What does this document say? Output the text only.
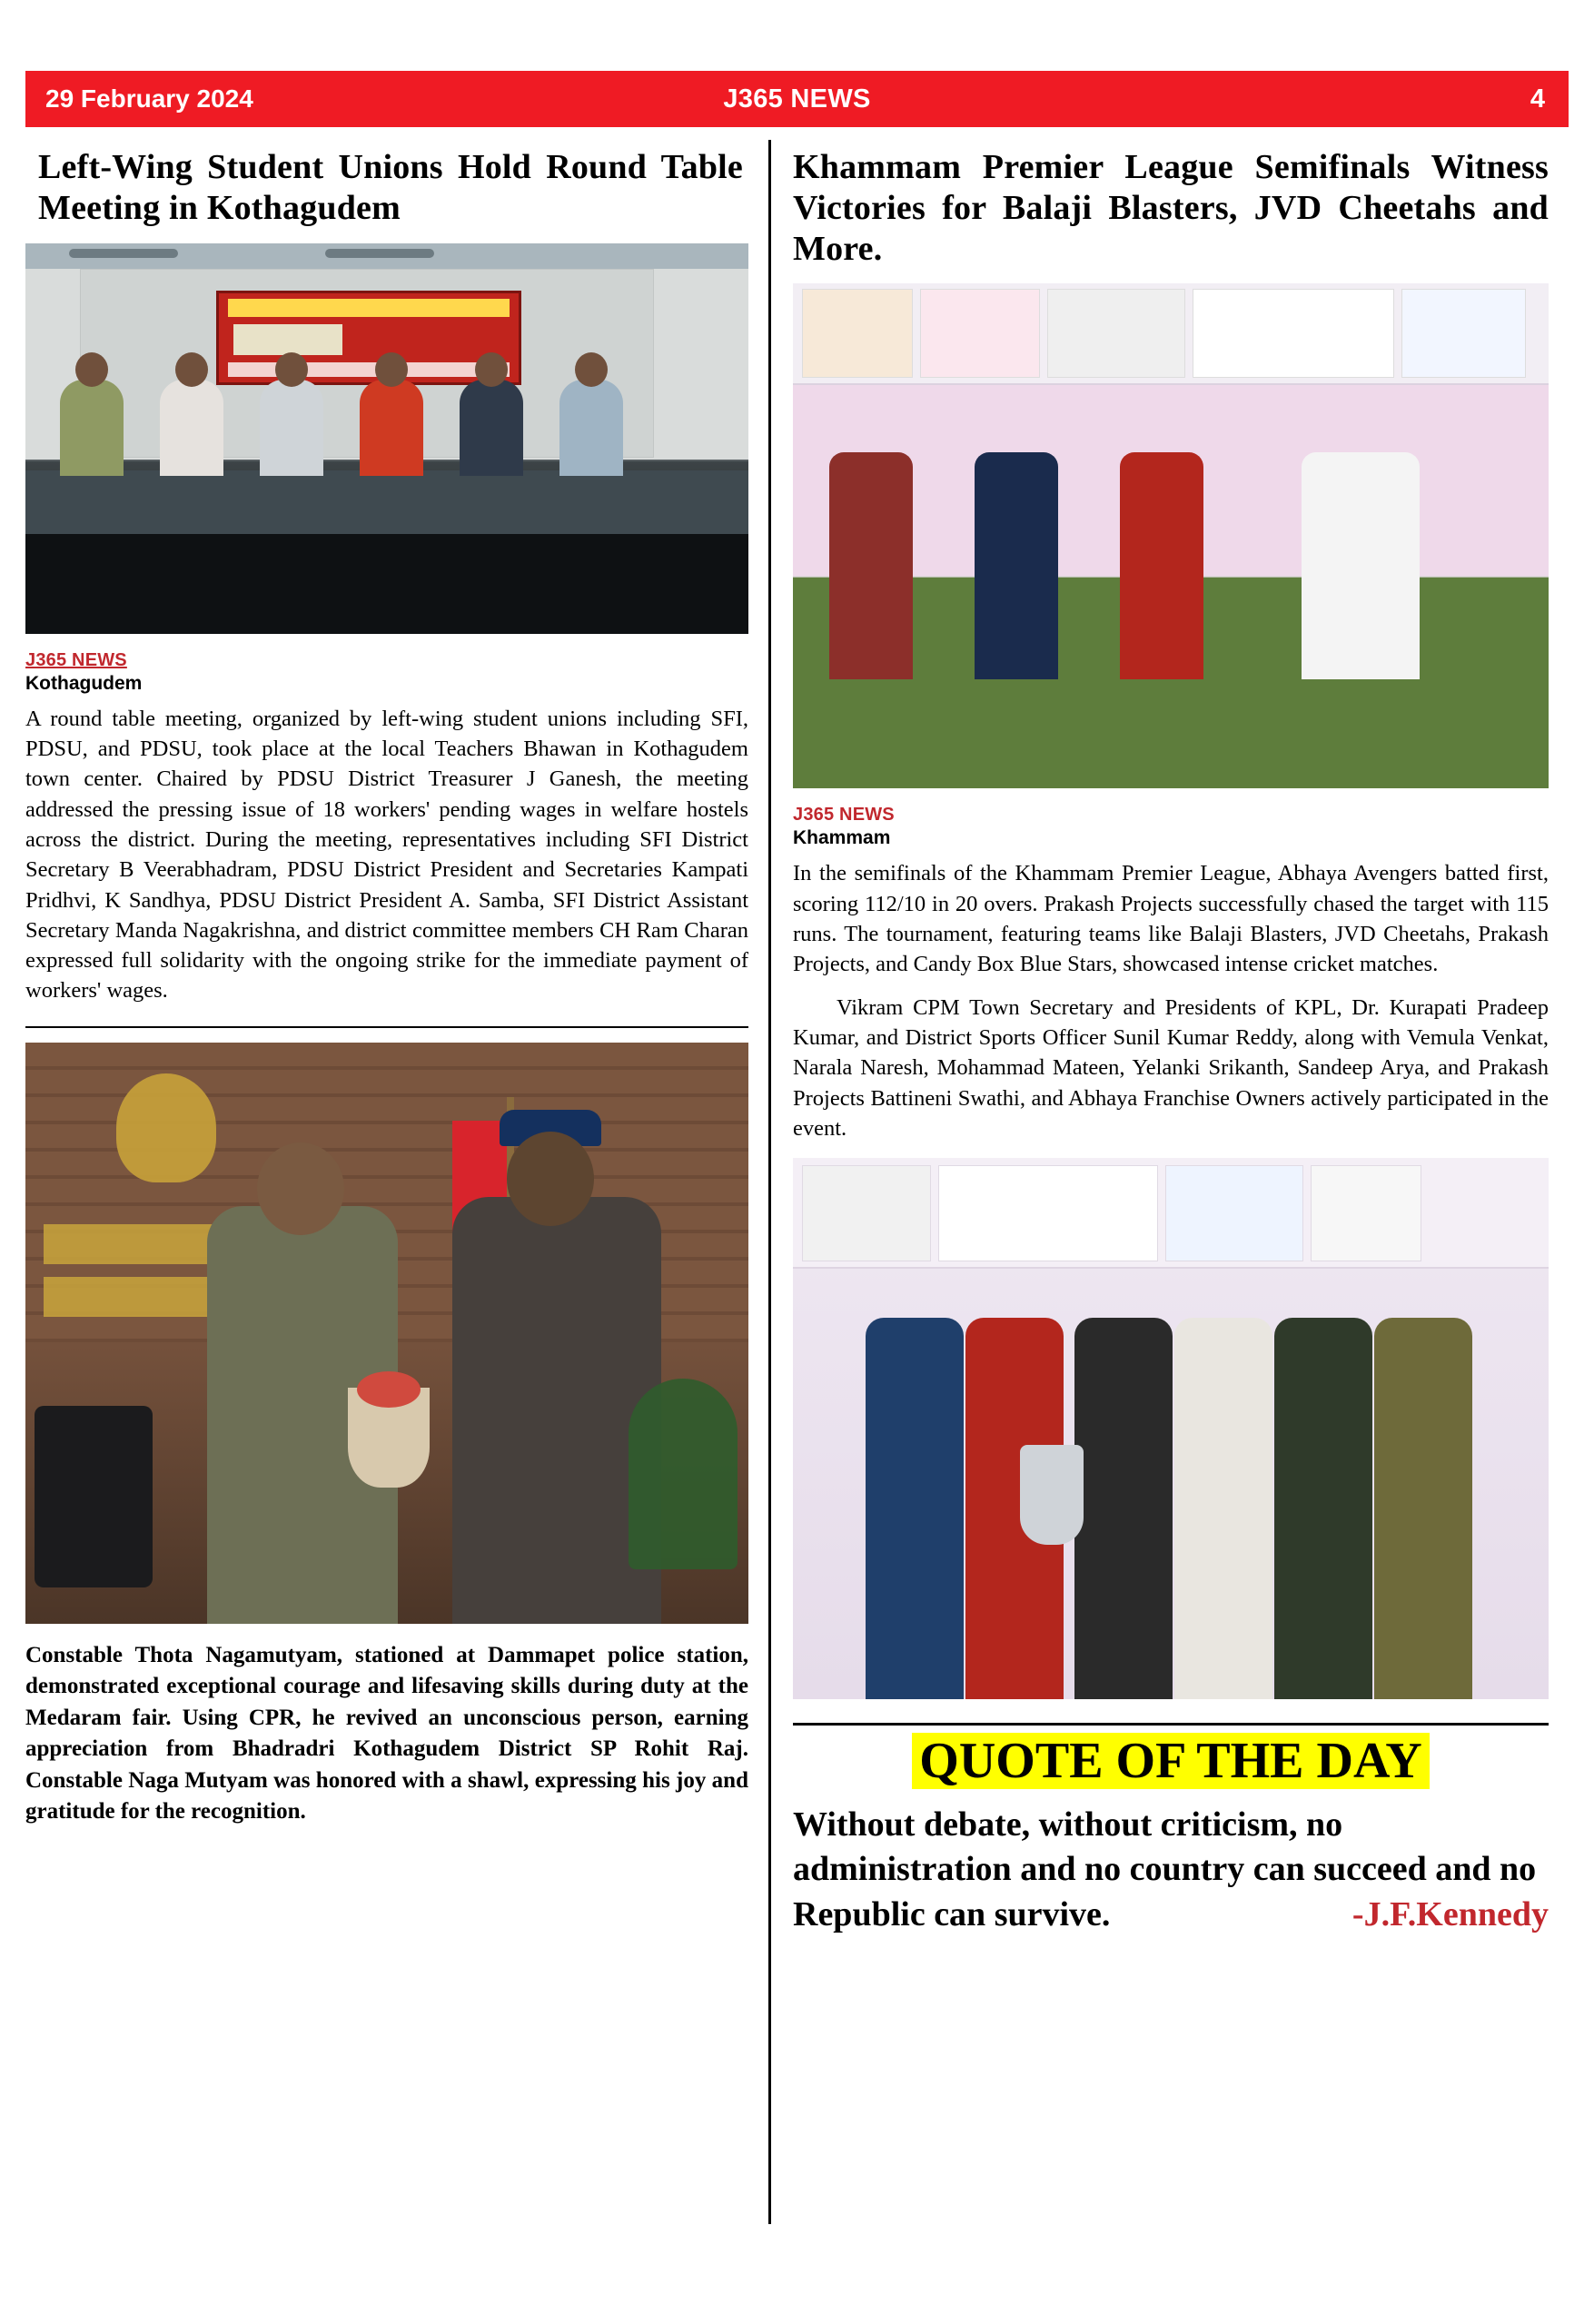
29 February 2024	J365 NEWS	4
Left-Wing Student Unions Hold Round Table Meeting in Kothagudem
J365 NEWS
Kothagudem

A round table meeting, organized by left-wing student unions including SFI, PDSU, and PDSU, took place at the local Teachers Bhawan in Kothagudem town center. Chaired by PDSU District Treasurer J Ganesh, the meeting addressed the pressing issue of 18 workers' pending wages in welfare hostels across the district. During the meeting, representatives including SFI District Secretary B Veerabhadram, PDSU District President and Secretaries Kampati Pridhvi, K Sandhya, PDSU District President A. Samba, SFI District Assistant Secretary Manda Nagakrishna, and district committee members CH Ram Charan expressed full solidarity with the ongoing strike for the immediate payment of workers' wages.

Constable Thota Nagamutyam, stationed at Dammapet police station, demonstrated exceptional courage and lifesaving skills during duty at the Medaram fair. Using CPR, he revived an unconscious person, earning appreciation from Bhadradri Kothagudem District SP Rohit Raj. Constable Naga Mutyam was honored with a shawl, expressing his joy and gratitude for the recognition.

Khammam Premier League Semifinals Witness Victories for Balaji Blasters, JVD Cheetahs and More.
J365 NEWS
Khammam

In the semifinals of the Khammam Premier League, Abhaya Avengers batted first, scoring 112/10 in 20 overs. Prakash Projects successfully chased the target with 115 runs. The tournament, featuring teams like Balaji Blasters, JVD Cheetahs, Prakash Projects, and Candy Box Blue Stars, showcased intense cricket matches.

Vikram CPM Town Secretary and Presidents of KPL, Dr. Kurapati Pradeep Kumar, and District Sports Officer Sunil Kumar Reddy, along with Vemula Venkat, Narala Naresh, Mohammad Mateen, Yelanki Srikanth, Sandeep Arya, and Prakash Projects Battineni Swathi, and Abhaya Franchise Owners actively participated in the event.

QUOTE OF THE DAY
Without debate, without criticism, no administration and no country can succeed and no Republic can survive.	-J.F.Kennedy
